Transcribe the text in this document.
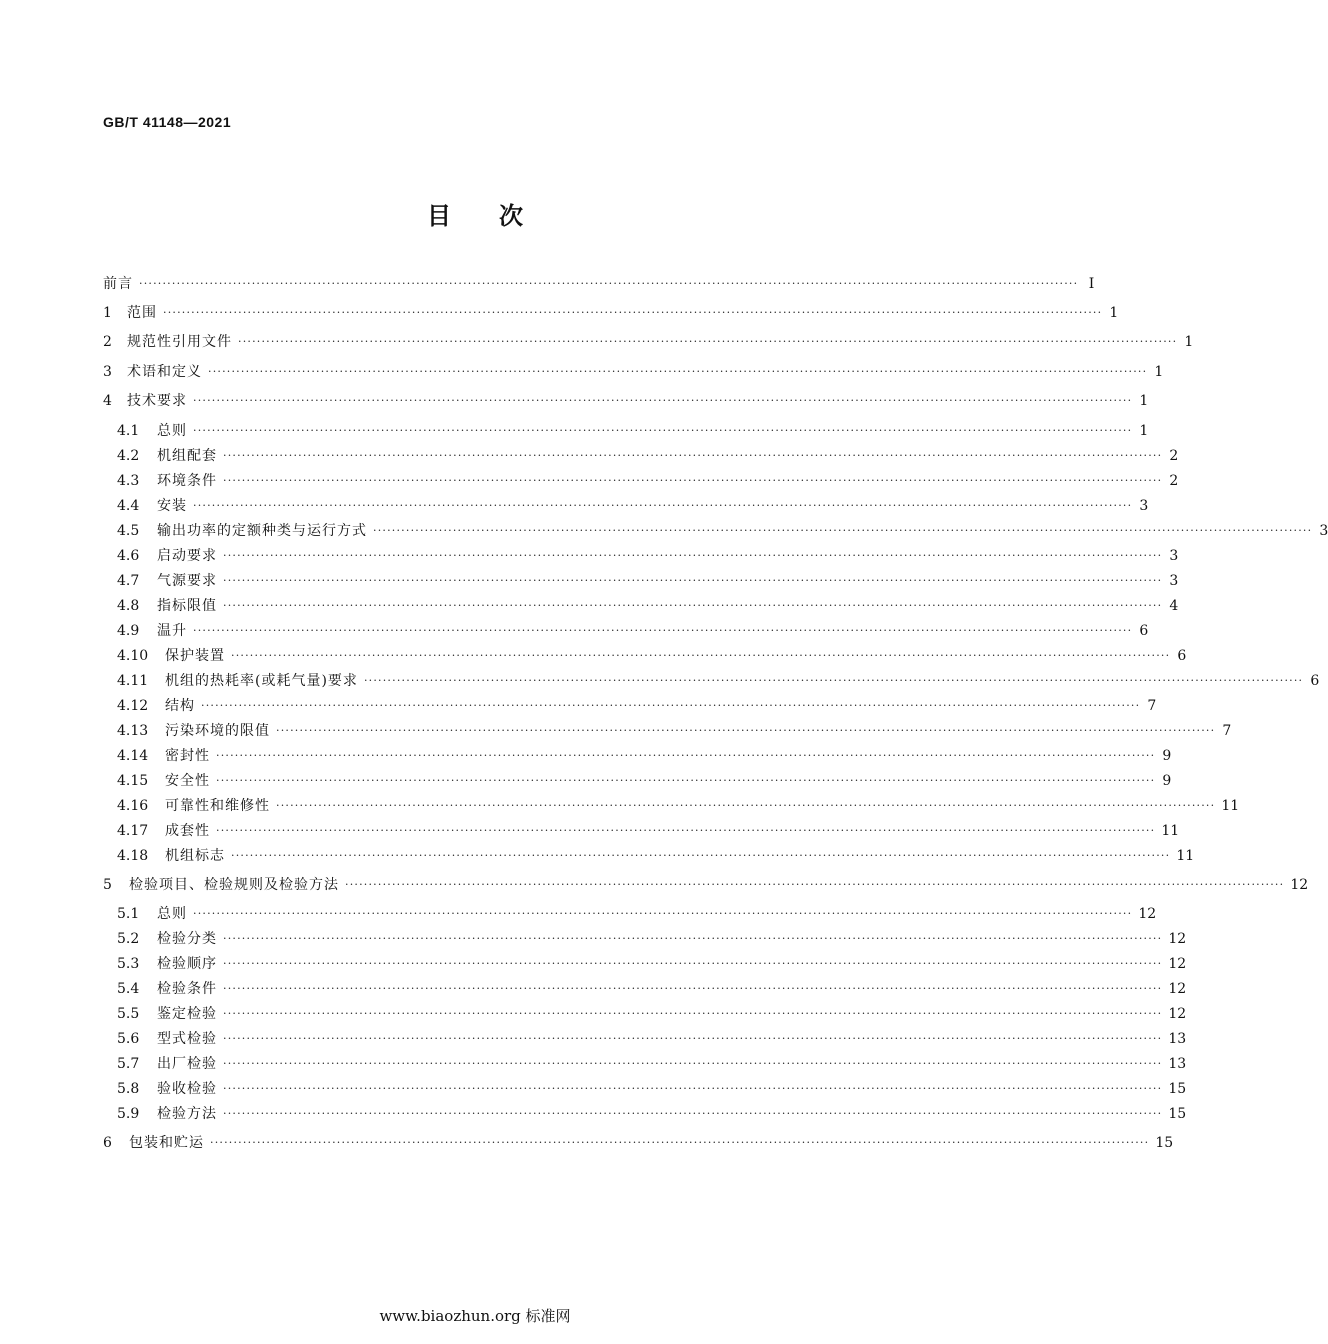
GB/T 41148—2021
目 次
前言 ········································································································································································································ Ⅰ
1	范围 ········································································································································································································ 1
2	规范性引用文件 ········································································································································································································ 1
3	术语和定义 ········································································································································································································ 1
4	技术要求 ········································································································································································································ 1
4.1	总则 ········································································································································································································ 1
4.2	机组配套 ········································································································································································································ 2
4.3	环境条件 ········································································································································································································ 2
4.4	安装 ········································································································································································································ 3
4.5	输出功率的定额种类与运行方式 ········································································································································································································ 3
4.6	启动要求 ········································································································································································································ 3
4.7	气源要求 ········································································································································································································ 3
4.8	指标限值 ········································································································································································································ 4
4.9	温升 ········································································································································································································ 6
4.10	保护装置 ········································································································································································································ 6
4.11	机组的热耗率(或耗气量)要求 ········································································································································································································ 6
4.12	结构 ········································································································································································································ 7
4.13	污染环境的限值 ········································································································································································································ 7
4.14	密封性 ········································································································································································································ 9
4.15	安全性 ········································································································································································································ 9
4.16	可靠性和维修性 ········································································································································································································ 11
4.17	成套性 ········································································································································································································ 11
4.18	机组标志 ········································································································································································································ 11
5	检验项目、检验规则及检验方法 ········································································································································································································ 12
5.1	总则 ········································································································································································································ 12
5.2	检验分类 ········································································································································································································ 12
5.3	检验顺序 ········································································································································································································ 12
5.4	检验条件 ········································································································································································································ 12
5.5	鉴定检验 ········································································································································································································ 12
5.6	型式检验 ········································································································································································································ 13
5.7	出厂检验 ········································································································································································································ 13
5.8	验收检验 ········································································································································································································ 15
5.9	检验方法 ········································································································································································································ 15
6	包装和贮运 ········································································································································································································ 15
www.biaozhun.org 标准网
